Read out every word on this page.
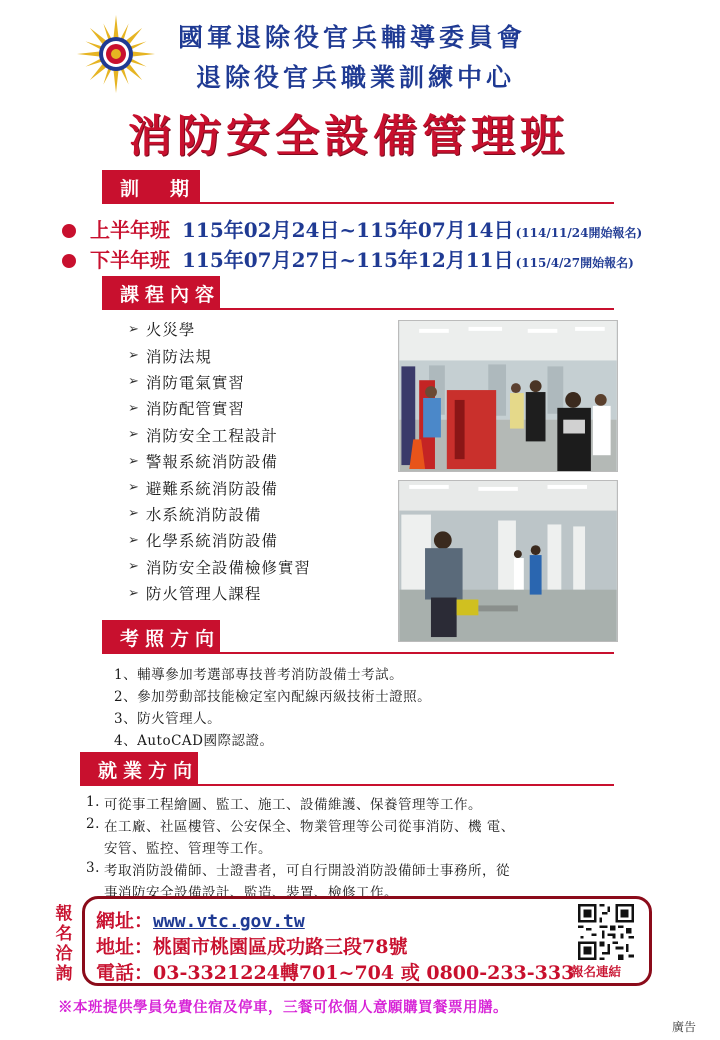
國軍退除役官兵輔導委員會
退除役官兵職業訓練中心
消防安全設備管理班
訓　期
上半年班 115年02月24日~115年07月14日 (114/11/24開始報名)
下半年班 115年07月27日~115年12月11日 (115/4/27開始報名)
課程內容
➢ 火災學
➢ 消防法規
➢ 消防電氣實習
➢ 消防配管實習
➢ 消防安全工程設計
➢ 警報系統消防設備
➢ 避難系統消防設備
➢ 水系統消防設備
➢ 化學系統消防設備
➢ 消防安全設備檢修實習
➢ 防火管理人課程
考照方向
1、輔導參加考選部專技普考消防設備士考試。
2、參加勞動部技能檢定室內配線丙級技術士證照。
3、防火管理人。
4、AutoCAD國際認證。
就業方向
1. 可從事工程繪圖、監工、施工、設備維護、保養管理等工作。
2. 在工廠、社區樓管、公安保全、物業管理等公司從事消防、機 電、
安管、監控、管理等工作。
3. 考取消防設備師、士證書者，可自行開設消防設備師士事務所，從
事消防安全設備設計、監造、裝置、檢修工作。
報名洽詢
網址：www.vtc.gov.tw
地址：桃園市桃園區成功路三段78號
電話：03-3321224轉701~704 或 0800-233-333
報名連結
※本班提供學員免費住宿及停車，三餐可依個人意願購買餐票用膳。
廣告
